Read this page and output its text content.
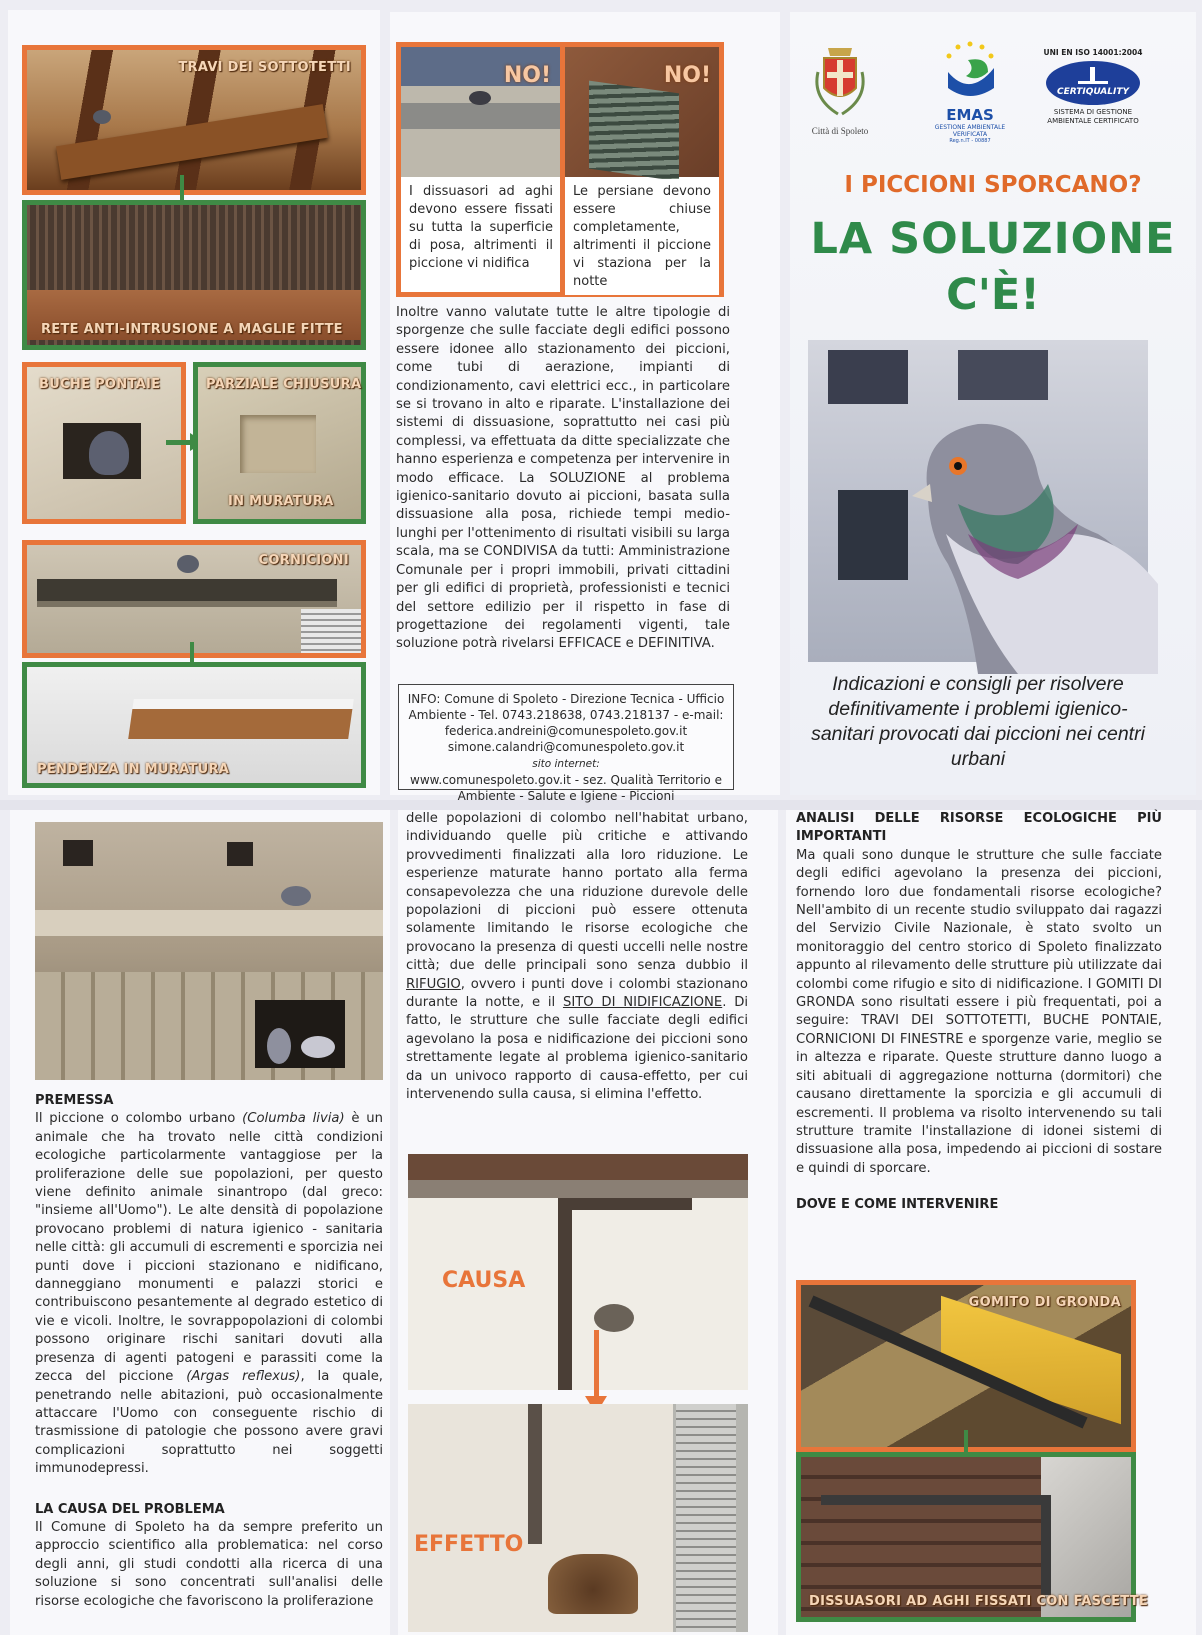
TRAVI DEI SOTTOTETTI
RETE ANTI-INTRUSIONE A MAGLIE FITTE
BUCHE PONTAIE	PARZIALE CHIUSURA
IN MURATURA
CORNICIONI
PENDENZA IN MURATURA
NO!
I dissuasori ad aghi devono essere fissati su tutta la superficie di posa, altrimenti il piccione vi nidifica
NO!
Le persiane devono essere chiuse completamente, altrimenti il piccione vi staziona per la notte

Inoltre vanno valutate tutte le altre tipologie di sporgenze che sulle facciate degli edifici possono essere idonee allo stazionamento dei piccioni, come tubi di aerazione, impianti di condizionamento, cavi elettrici ecc., in particolare se si trovano in alto e riparate. L'installazione dei sistemi di dissuasione, soprattutto nei casi più complessi, va effettuata da ditte specializzate che hanno esperienza e competenza per intervenire in modo efficace. La SOLUZIONE al problema igienico-sanitario dovuto ai piccioni, basata sulla dissuasione alla posa, richiede tempi medio-lunghi per l'ottenimento di risultati visibili su larga scala, ma se CONDIVISA da tutti: Amministrazione Comunale per i propri immobili, privati cittadini per gli edifici di proprietà, professionisti e tecnici del settore edilizio per il rispetto in fase di progettazione dei regolamenti vigenti, tale soluzione potrà rivelarsi EFFICACE e DEFINITIVA.

INFO: Comune di Spoleto - Direzione Tecnica - Ufficio Ambiente - Tel. 0743.218638, 0743.218137 - e-mail:
federica.andreini@comunespoleto.gov.it
simone.calandri@comunespoleto.gov.it
sito internet:
www.comunespoleto.gov.it - sez. Qualità Territorio e Ambiente - Salute e Igiene - Piccioni
Città di Spoleto
EMAS
GESTIONE AMBIENTALE VERIFICATA
Reg.n.IT - 00887
UNI EN ISO 14001:2004
CERTIQUALITY
SISTEMA DI GESTIONE AMBIENTALE CERTIFICATO
I PICCIONI SPORCANO?
LA SOLUZIONE
C'È!
Indicazioni e consigli per risolvere definitivamente i problemi igienico-sanitari provocati dai piccioni nei centri urbani
PREMESSA

Il piccione o colombo urbano (Columba livia) è un animale che ha trovato nelle città condizioni ecologiche particolarmente vantaggiose per la proliferazione delle sue popolazioni, per questo viene definito animale sinantropo (dal greco: "insieme all'Uomo"). Le alte densità di popolazione provocano problemi di natura igienico - sanitaria nelle città: gli accumuli di escrementi e sporcizia nei punti dove i piccioni stazionano e nidificano, danneggiano monumenti e palazzi storici e contribuiscono pesantemente al degrado estetico di vie e vicoli. Inoltre, le sovrappopolazioni di colombi possono originare rischi sanitari dovuti alla presenza di agenti patogeni e parassiti come la zecca del piccione (Argas reflexus), la quale, penetrando nelle abitazioni, può occasionalmente attaccare l'Uomo con conseguente rischio di trasmissione di patologie che possono avere gravi complicazioni soprattutto nei soggetti immunodepressi.

LA CAUSA DEL PROBLEMA

Il Comune di Spoleto ha da sempre preferito un approccio scientifico alla problematica: nel corso degli anni, gli studi condotti alla ricerca di una soluzione si sono concentrati sull'analisi delle risorse ecologiche che favoriscono la proliferazione

delle popolazioni di colombo nell'habitat urbano, individuando quelle più critiche e attivando provvedimenti finalizzati alla loro riduzione. Le esperienze maturate hanno portato alla ferma consapevolezza che una riduzione durevole delle popolazioni di piccioni può essere ottenuta solamente limitando le risorse ecologiche che provocano la presenza di questi uccelli nelle nostre città; due delle principali sono senza dubbio il RIFUGIO, ovvero i punti dove i colombi stazionano durante la notte, e il SITO DI NIDIFICAZIONE. Di fatto, le strutture che sulle facciate degli edifici agevolano la posa e nidificazione dei piccioni sono strettamente legate al problema igienico-sanitario da un univoco rapporto di causa-effetto, per cui intervenendo sulla causa, si elimina l'effetto.

CAUSA
EFFETTO
ANALISI DELLE RISORSE ECOLOGICHE PIÙ IMPORTANTI

Ma quali sono dunque le strutture che sulle facciate degli edifici agevolano la presenza dei piccioni, fornendo loro due fondamentali risorse ecologiche? Nell'ambito di un recente studio sviluppato dai ragazzi del Servizio Civile Nazionale, è stato svolto un monitoraggio del centro storico di Spoleto finalizzato appunto al rilevamento delle strutture più utilizzate dai colombi come rifugio e sito di nidificazione. I GOMITI DI GRONDA sono risultati essere i più frequentati, poi a seguire: TRAVI DEI SOTTOTETTI, BUCHE PONTAIE, CORNICIONI DI FINESTRE e sporgenze varie, meglio se in altezza e riparate. Queste strutture danno luogo a siti abituali di aggregazione notturna (dormitori) che causano direttamente la sporcizia e gli accumuli di escrementi. Il problema va risolto intervenendo su tali strutture tramite l'installazione di idonei sistemi di dissuasione alla posa, impedendo ai piccioni di sostare e quindi di sporcare.

DOVE E COME INTERVENIRE
GOMITO DI GRONDA
DISSUASORI AD AGHI FISSATI CON FASCETTE
